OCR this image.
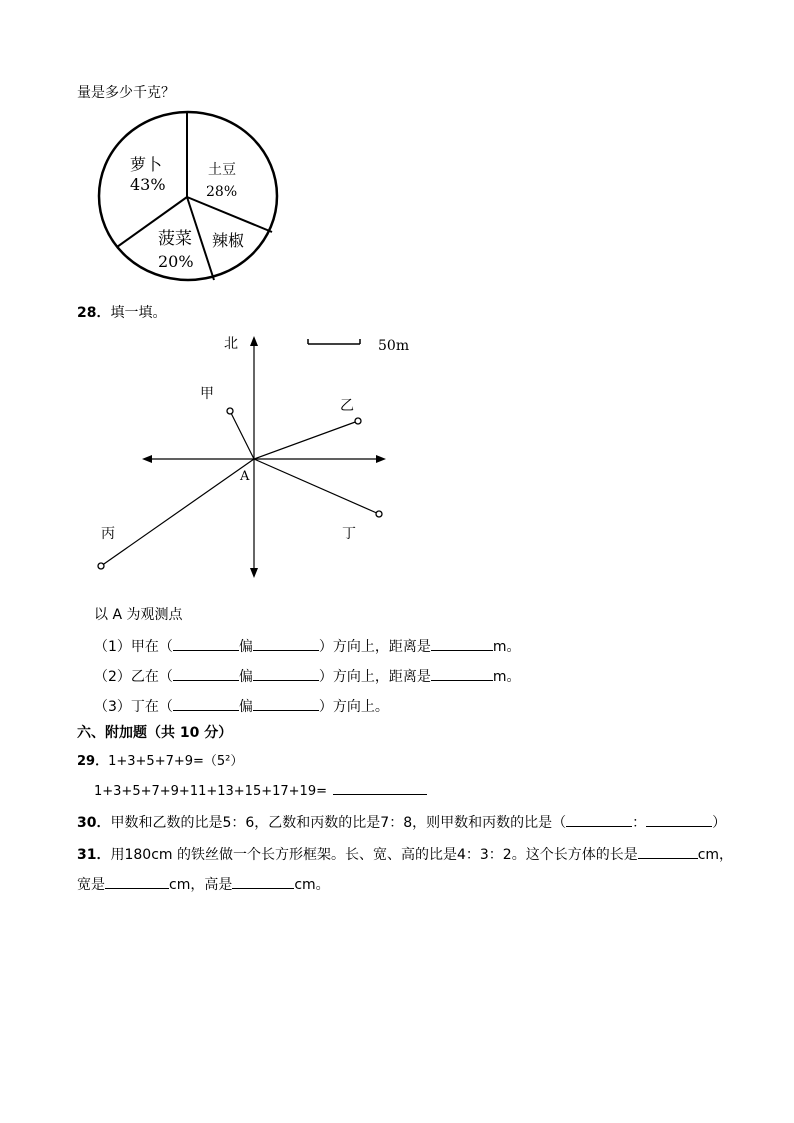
量是多少千克？
萝卜
43%
土豆
28%
菠菜
20%
辣椒
28．填一填。
50m
北
甲
乙
丙	丁
A
以 A 为观测点
（1）甲在（	偏	）方向上，距离是	m。
（2）乙在（	偏	）方向上，距离是	m。
（3）丁在（	偏	）方向上。
六、附加题（共 10 分）
29．1+3+5+7+9=（5²）
1+3+5+7+9+11+13+15+17+19=
30．甲数和乙数的比是5：6，乙数和丙数的比是7：8，则甲数和丙数的比是（	：	）
31．用180cm 的铁丝做一个长方形框架。长、宽、高的比是4：3：2。这个长方体的长是	cm，
宽是	cm，高是	cm。
